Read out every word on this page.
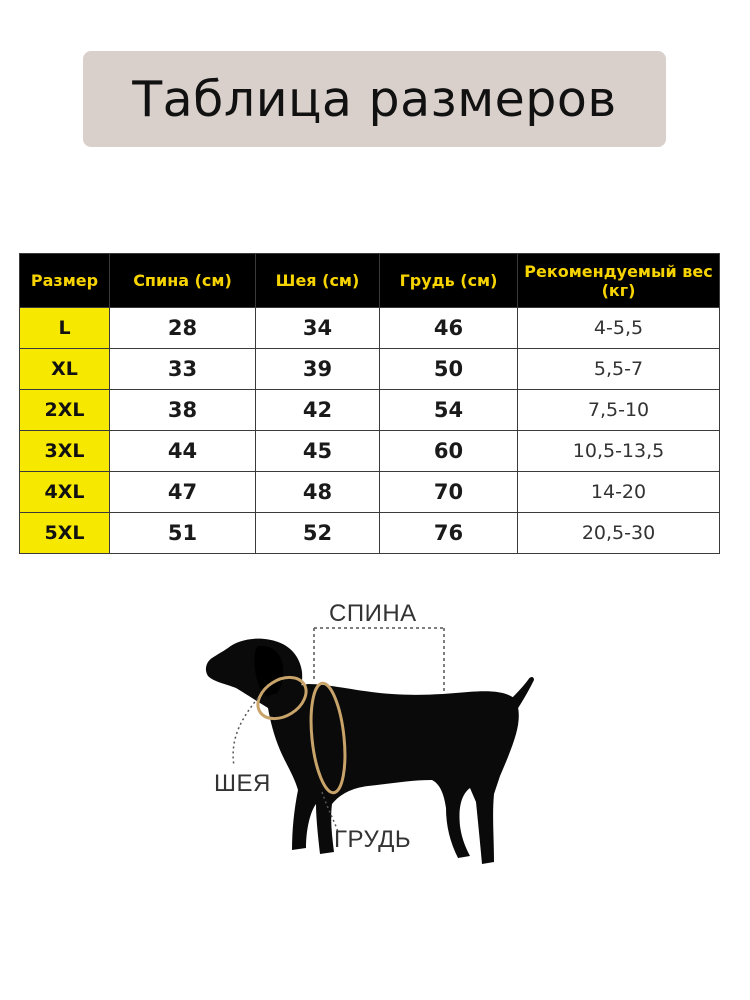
Таблица размеров
Размер	Спина (см)	Шея (см)	Грудь (см)	Рекомендуемый вес (кг)
L	28	34	46	4-5,5
XL	33	39	50	5,5-7
2XL	38	42	54	7,5-10
3XL	44	45	60	10,5-13,5
4XL	47	48	70	14-20
5XL	51	52	76	20,5-30
СПИНА
ШЕЯ
ГРУДЬ
